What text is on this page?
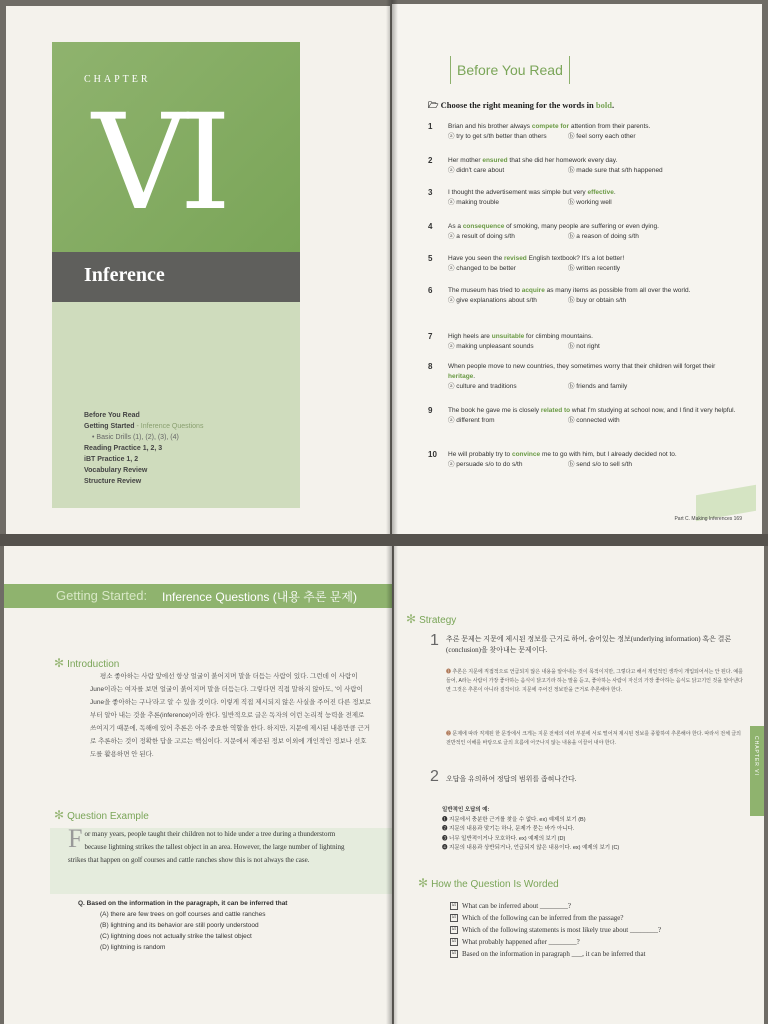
CHAPTER
VI
Inference
Before You Read
Getting Started - Inference Questions
• Basic Drills (1), (2), (3), (4)
Reading Practice 1, 2, 3
iBT Practice 1, 2
Vocabulary Review
Structure Review
Before You Read
🗁 Choose the right meaning for the words in bold.
1 Brian and his brother always compete for attention from their parents.
ⓐ try to get s/th better than others	ⓑ feel sorry each other
2 Her mother ensured that she did her homework every day.
ⓐ didn't care about	ⓑ made sure that s/th happened
3 I thought the advertisement was simple but very effective.
ⓐ making trouble	ⓑ working well
4 As a consequence of smoking, many people are suffering or even dying.
ⓐ a result of doing s/th	ⓑ a reason of doing s/th
5 Have you seen the revised English textbook? It's a lot better!
ⓐ changed to be better	ⓑ written recently
6 The museum has tried to acquire as many items as possible from all over the world.
ⓐ give explanations about s/th	ⓑ buy or obtain s/th
7 High heels are unsuitable for climbing mountains.
ⓐ making unpleasant sounds	ⓑ not right
8 When people move to new countries, they sometimes worry that their children will forget their heritage.
ⓐ culture and traditions	ⓑ friends and family
9 The book he gave me is closely related to what I'm studying at school now, and I find it very helpful.
ⓐ different from	ⓑ connected with
10 He will probably try to convince me to go with him, but I already decided not to.
ⓐ persuade s/o to do s/th	ⓑ send s/o to sell s/th
Part C. Making Inferences 169
Getting Started: Inference Questions (내용 추론 문제)
✻ Introduction
평소 좋아하는 사람 앞에선 항상 얼굴이 붉어지며 말을 더듬는 사람이 있다. 그런데 이 사람이 June이라는 여자를 보면 얼굴이 붉어지며 말을 더듬는다. 그렇다면 직접 말하지 않아도, '이 사람이 June을 좋아하는 구나'라고 알 수 있을 것이다. 이렇게 직접 제시되지 않은 사실을 주어진 다른 정보로부터 알아 내는 것을 추론(inference)이라 한다. 일반적으로 글은 독자의 이런 논리적 능력을 전제로 쓰여지기 때문에, 독해에 있어 추론은 아주 중요한 역할을 한다. 하지만, 지문에 제시된 내용만큼 근거로 추론하는 것이 정확한 답을 고르는 핵심이다. 지문에서 제공된 정보 이외에 개인적인 정보나 선호도를 활용하면 안 된다.
✻ Question Example
For many years, people taught their children not to hide under a tree during a thunderstorm because lightning strikes the tallest object in an area. However, the large number of lightning strikes that happen on golf courses and cattle ranches show this is not always the case.
Q. Based on the information in the paragraph, it can be inferred that
(A) there are few trees on golf courses and cattle ranches
(B) lightning and its behavior are still poorly understood
(C) lightning does not actually strike the tallest object
(D) lightning is random
✻ Strategy
1 추론 문제는 지문에 제시된 정보를 근거로 하여, 숨어있는 정보(underlying information) 혹은 결론(conclusion)을 찾아내는 문제이다.
❶ 추론은 지문에 직접적으로 언급되지 않은 내용을 알아내는 것이 목적이지만, 그렇다고 해서 개인적인 생각이 개입되어서는 안 된다. 예를 들어, A라는 사람이 가장 좋아하는 음식이 닭고기라 하는 말을 듣고, 좋아하는 사람이 자신의 가장 좋아하는 음식도 닭고기인 것을 알아낸다면 그것은 추론이 아니라 짐작이다. 지문에 주어진 정보만을 근거로 추론해야 한다.
❷ 문제에 따라 직계된 한 문장에서 크게는 지문 전체의 여러 부분에 서로 떨어져 제시된 정보를 종합하여 추론해야 한다. 따라서 전체 글의 전반적인 이해를 바탕으로 글의 흐름에 어긋나지 않는 내용을 이끌어 내야 한다.
2 오답을 유의하여 정답의 범위를 좁혀나간다.
일반적인 오답의 예:
❶ 지문에서 충분한 근거를 찾을 수 없다. ex) 예제의 보기 (B)
❷ 지문의 내용과 맞기는 하나, 문제가 묻는 바가 아니다.
❸ 너무 일반적이거나 모호하다. ex) 예제의 보기 (D)
❹ 지문의 내용과 상반되거나, 언급되지 않은 내용이다. ex) 예제의 보기 (C)
CHAPTER VI
✻ How the Question Is Worded
☑ What can be inferred about ________?
☑ Which of the following can be inferred from the passage?
☑ Which of the following statements is most likely true about ________?
☑ What probably happened after ________?
☑ Based on the information in paragraph ___, it can be inferred that
